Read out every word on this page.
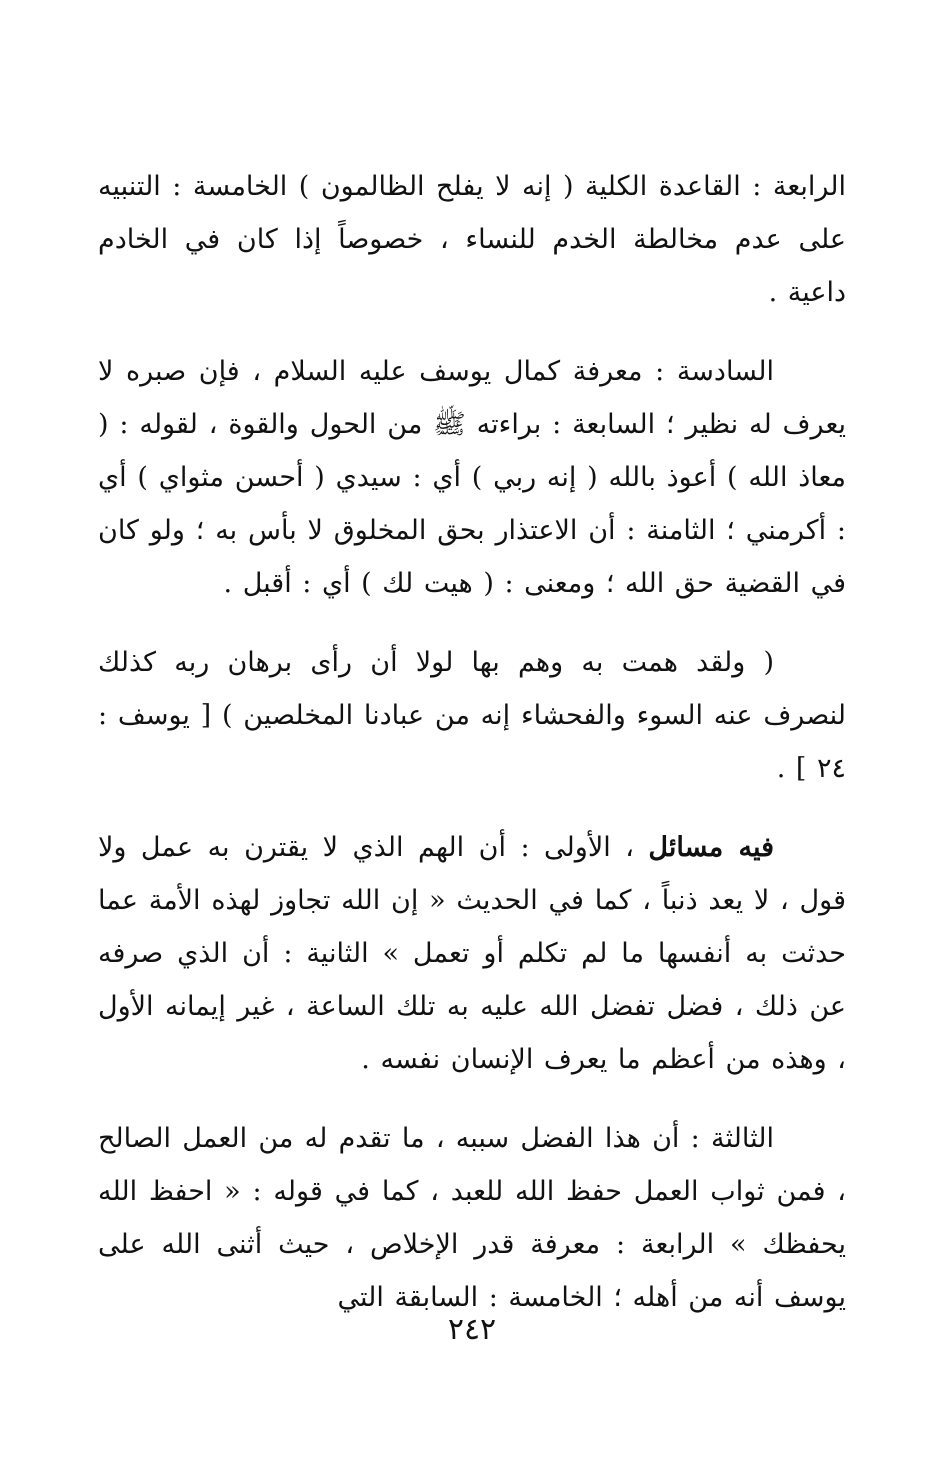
الرابعة : القاعدة الكلية ( إنه لا يفلح الظالمون ) الخامسة : التنبيه على عدم مخالطة الخدم للنساء ، خصوصاً إذا كان في الخادم داعية .

السادسة : معرفة كمال يوسف عليه السلام ، فإن صبره لا يعرف له نظير ؛ السابعة : براءته ﷺ من الحول والقوة ، لقوله : ( معاذ الله ) أعوذ بالله ( إنه ربي ) أي : سيدي ( أحسن مثواي ) أي : أكرمني ؛ الثامنة : أن الاعتذار بحق المخلوق لا بأس به ؛ ولو كان في القضية حق الله ؛ ومعنى : ( هيت لك ) أي : أقبل .

( ولقد همت به وهم بها لولا أن رأى برهان ربه كذلك لنصرف عنه السوء والفحشاء إنه من عبادنا المخلصين ) [ يوسف : ٢٤ ] .

فيه مسائل ، الأولى : أن الهم الذي لا يقترن به عمل ولا قول ، لا يعد ذنباً ، كما في الحديث « إن الله تجاوز لهذه الأمة عما حدثت به أنفسها ما لم تكلم أو تعمل » الثانية : أن الذي صرفه عن ذلك ، فضل تفضل الله عليه به تلك الساعة ، غير إيمانه الأول ، وهذه من أعظم ما يعرف الإنسان نفسه .

الثالثة : أن هذا الفضل سببه ، ما تقدم له من العمل الصالح ، فمن ثواب العمل حفظ الله للعبد ، كما في قوله : « احفظ الله يحفظك » الرابعة : معرفة قدر الإخلاص ، حيث أثنى الله على يوسف أنه من أهله ؛ الخامسة : السابقة التي

٢٤٢
